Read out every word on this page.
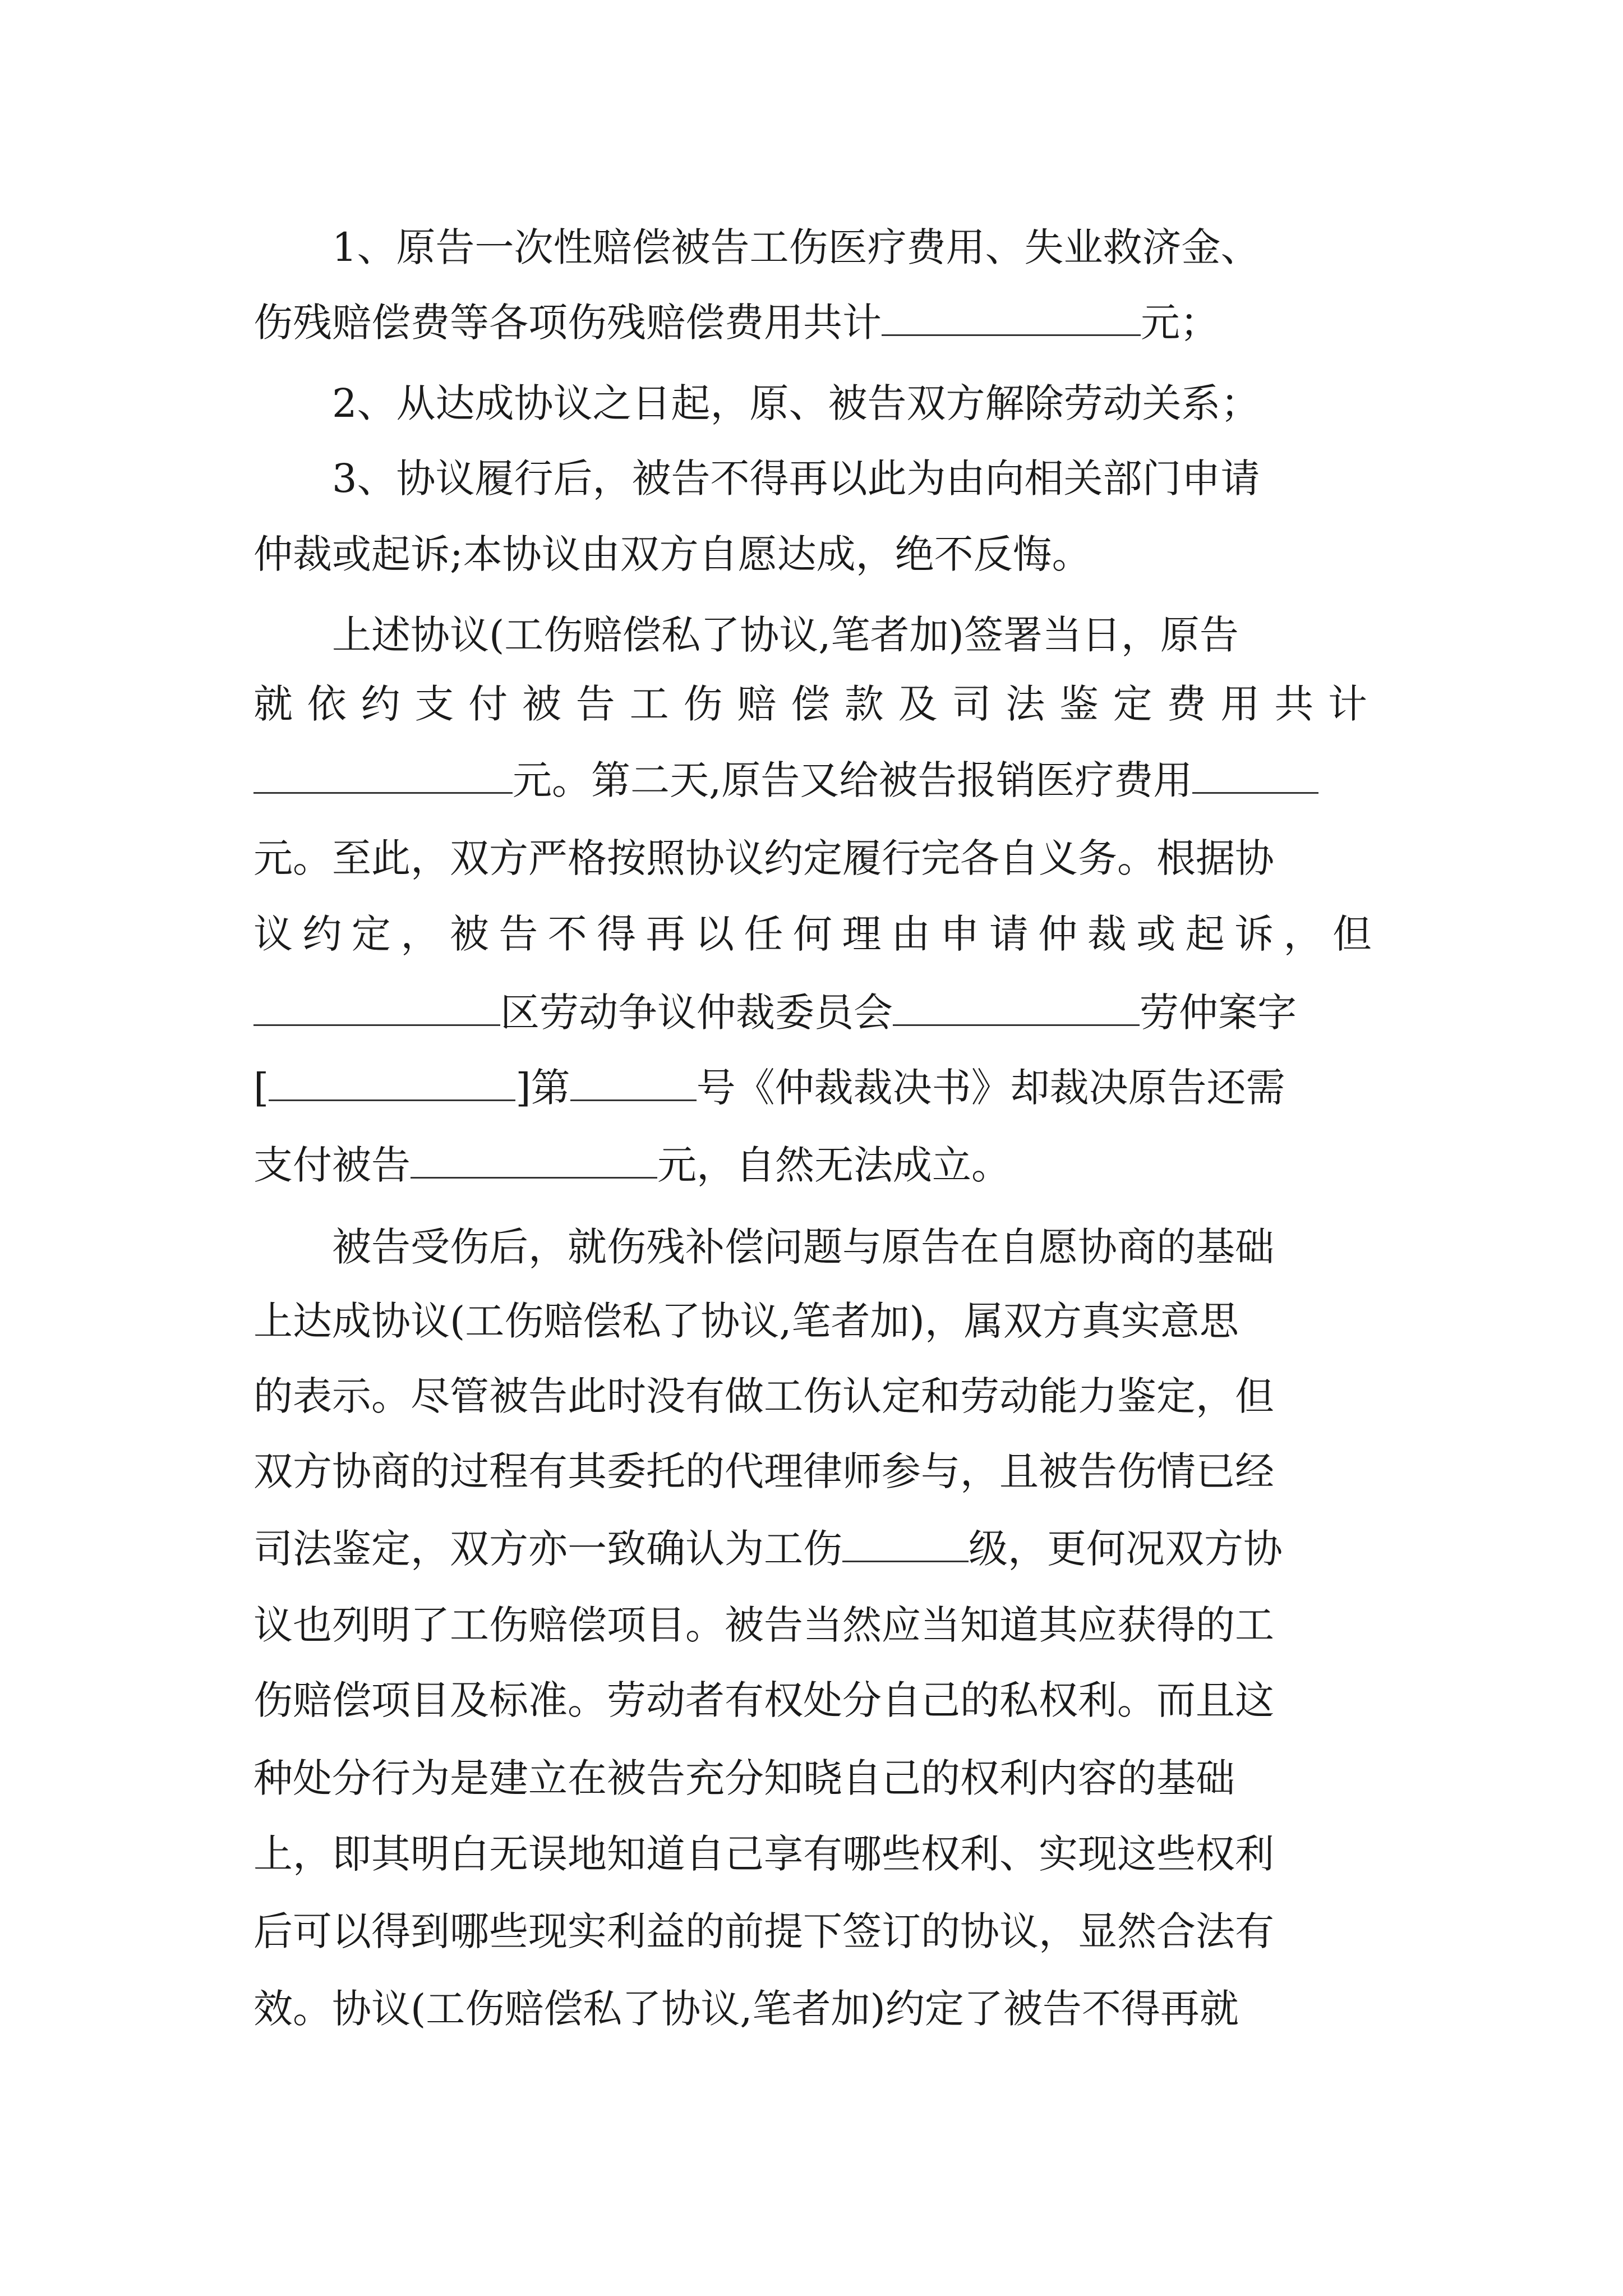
1、原告一次性赔偿被告工伤医疗费用、失业救济金、
伤残赔偿费等各项伤残赔偿费用共计	元；
2、从达成协议之日起，原、被告双方解除劳动关系；
3、协议履行后，被告不得再以此为由向相关部门申请
仲裁或起诉;本协议由双方自愿达成，绝不反悔。
上述协议(工伤赔偿私了协议,笔者加)签署当日，原告
就依约支付被告工伤赔偿款及司法鉴定费用共计
元。第二天,原告又给被告报销医疗费用
元。至此，双方严格按照协议约定履行完各自义务。根据协
议约定，被告不得再以任何理由申请仲裁或起诉，但
区劳动争议仲裁委员会	劳仲案字
[	]第	号《仲裁裁决书》却裁决原告还需
支付被告	元，自然无法成立。
被告受伤后，就伤残补偿问题与原告在自愿协商的基础
上达成协议(工伤赔偿私了协议,笔者加)，属双方真实意思
的表示。尽管被告此时没有做工伤认定和劳动能力鉴定，但
双方协商的过程有其委托的代理律师参与，且被告伤情已经
司法鉴定，双方亦一致确认为工伤	级，更何况双方协
议也列明了工伤赔偿项目。被告当然应当知道其应获得的工
伤赔偿项目及标准。劳动者有权处分自己的私权利。而且这
种处分行为是建立在被告充分知晓自己的权利内容的基础
上，即其明白无误地知道自己享有哪些权利、实现这些权利
后可以得到哪些现实利益的前提下签订的协议，显然合法有
效。协议(工伤赔偿私了协议,笔者加)约定了被告不得再就
